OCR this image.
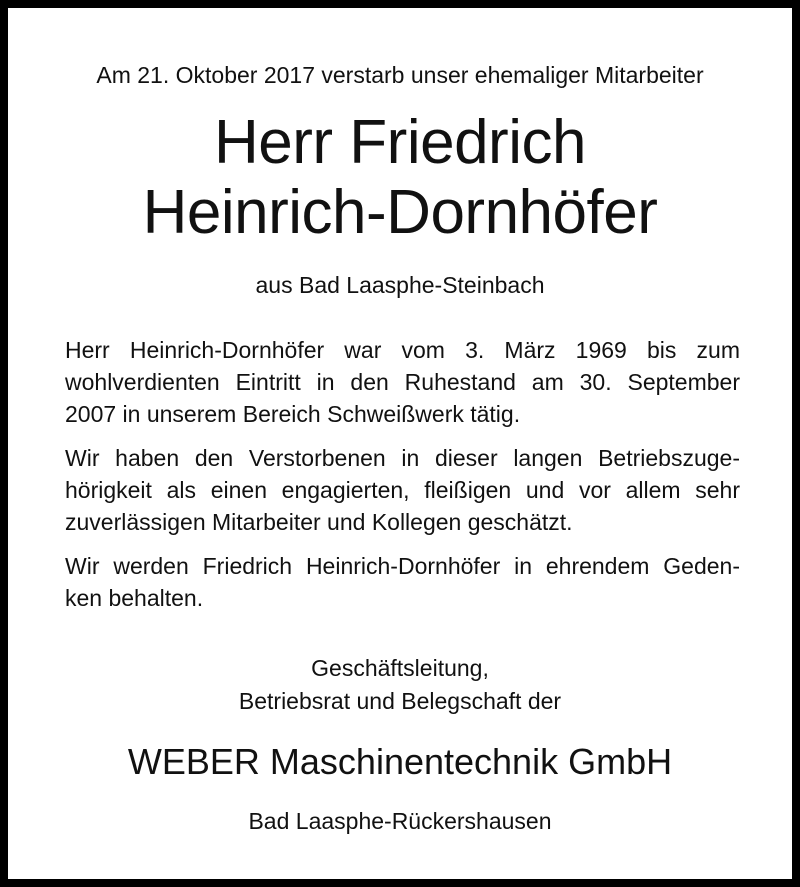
Am 21. Oktober 2017 verstarb unser ehemaliger Mitarbeiter
Herr Friedrich
Heinrich-Dornhöfer
aus Bad Laasphe-Steinbach

Herr Heinrich-Dornhöfer war vom 3. März 1969 bis zum
wohlverdienten Eintritt in den Ruhestand am 30. September
2007 in unserem Bereich Schweißwerk tätig.

Wir haben den Verstorbenen in dieser langen Betriebszuge-
hörigkeit als einen engagierten, fleißigen und vor allem sehr
zuverlässigen Mitarbeiter und Kollegen geschätzt.

Wir werden Friedrich Heinrich-Dornhöfer in ehrendem Geden-
ken behalten.

Geschäftsleitung,
Betriebsrat und Belegschaft der
WEBER Maschinentechnik GmbH
Bad Laasphe-Rückershausen
